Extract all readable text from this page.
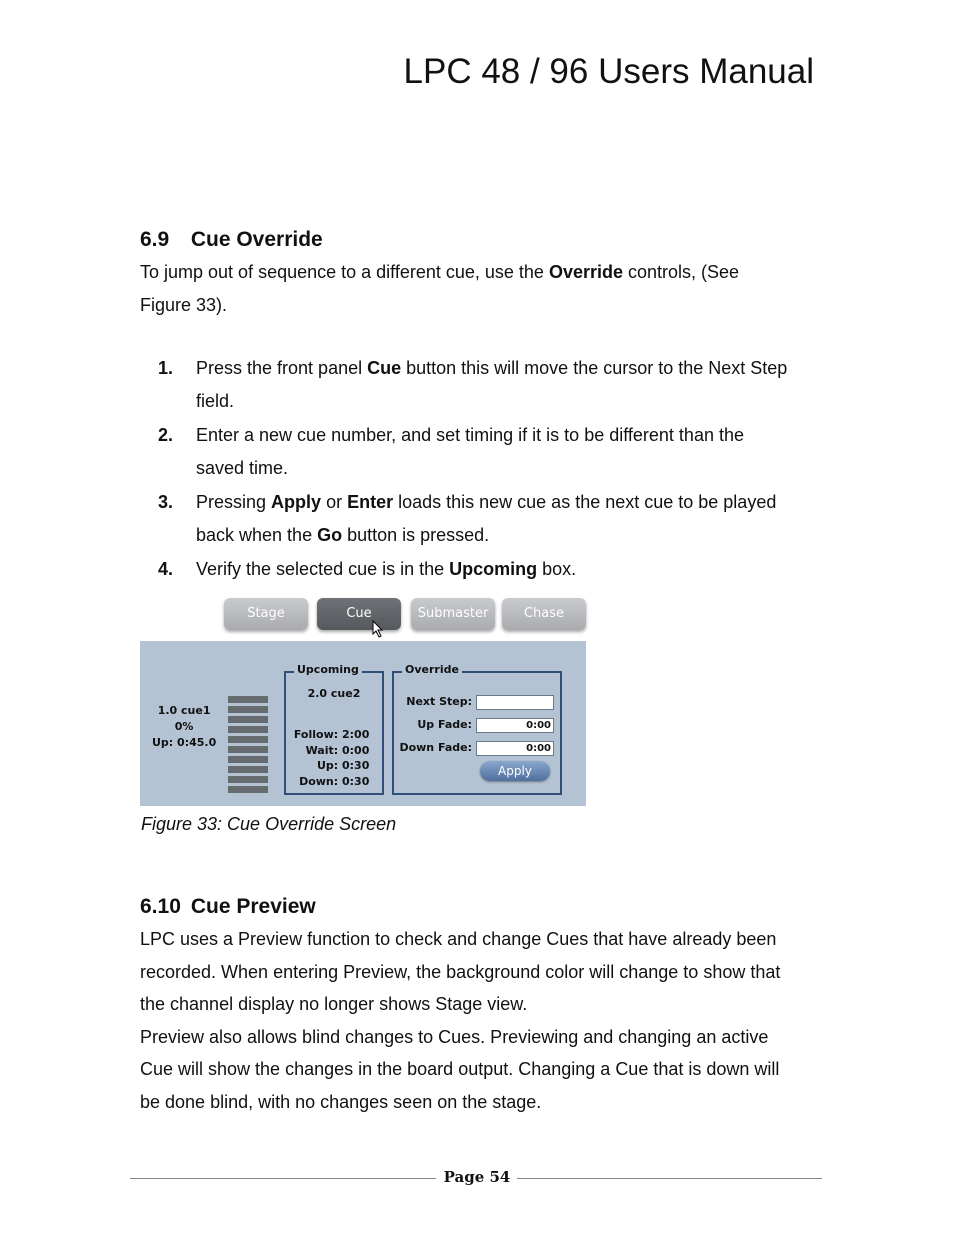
LPC 48 / 96 Users Manual
6.9 Cue Override
To jump out of sequence to a different cue, use the Override controls, (See
Figure 33).
1. Press the front panel Cue button this will move the cursor to the Next Step
field.
2. Enter a new cue number, and set timing if it is to be different than the
saved time.
3. Pressing Apply or Enter loads this new cue as the next cue to be played
back when the Go button is pressed.
4. Verify the selected cue is in the Upcoming box.
Stage	Cue	Submaster	Chase
1.0 cue1
0%
Up: 0:45.0
Upcoming
2.0 cue2
Follow:
2:00
Wait:
0:00
Up:
0:30
Down:
0:30
Override
Next Step:
Up Fade:	0:00
Down Fade:	0:00
Apply
Figure 33: Cue Override Screen
6.10 Cue Preview
LPC uses a Preview function to check and change Cues that have already been
recorded. When entering Preview, the background color will change to show that
the channel display no longer shows Stage view.
Preview also allows blind changes to Cues. Previewing and changing an active
Cue will show the changes in the board output. Changing a Cue that is down will
be done blind, with no changes seen on the stage.
Page 54
